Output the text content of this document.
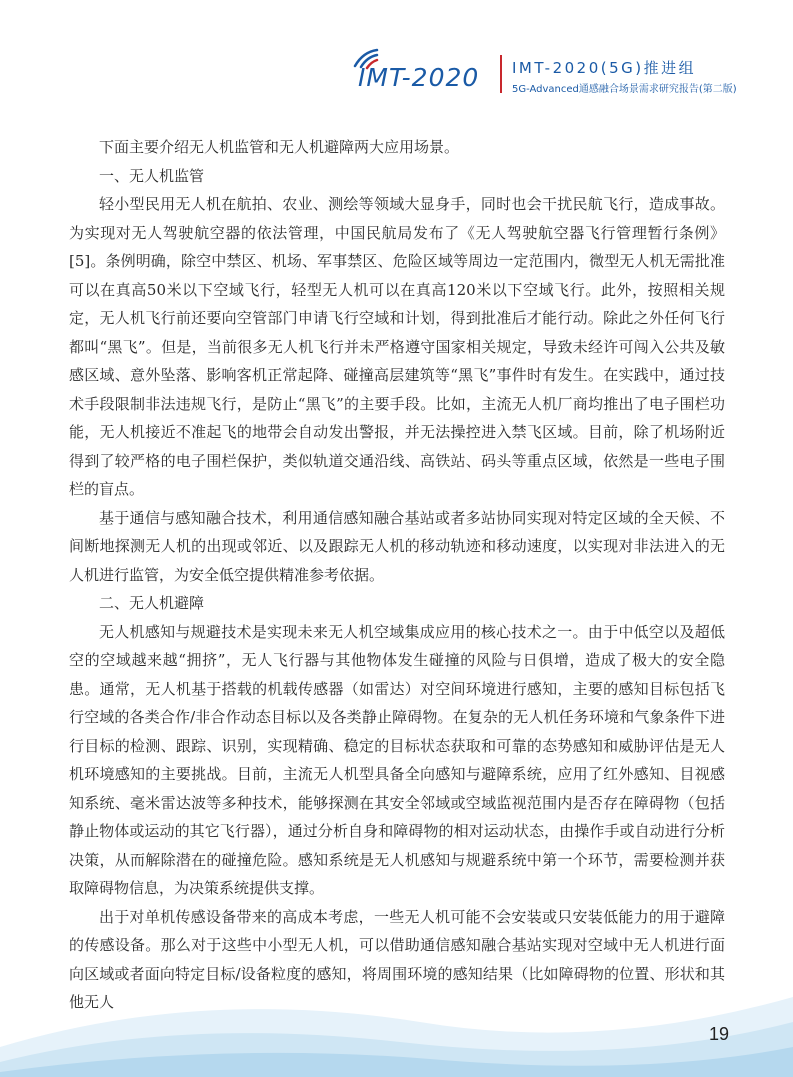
IMT-2020 IMT-2020(5G)推进组
5G-Advanced通感融合场景需求研究报告(第二版)

下面主要介绍无人机监管和无人机避障两大应用场景。

一、无人机监管

轻小型民用无人机在航拍、农业、测绘等领域大显身手，同时也会干扰民航飞行，造成事故。为实现对无人驾驶航空器的依法管理，中国民航局发布了《无人驾驶航空器飞行管理暂行条例》[5]。条例明确，除空中禁区、机场、军事禁区、危险区域等周边一定范围内，微型无人机无需批准可以在真高50米以下空域飞行，轻型无人机可以在真高120米以下空域飞行。此外，按照相关规定，无人机飞行前还要向空管部门申请飞行空域和计划，得到批准后才能行动。除此之外任何飞行都叫“黑飞”。但是，当前很多无人机飞行并未严格遵守国家相关规定，导致未经许可闯入公共及敏感区域、意外坠落、影响客机正常起降、碰撞高层建筑等“黑飞”事件时有发生。在实践中，通过技术手段限制非法违规飞行，是防止“黑飞”的主要手段。比如，主流无人机厂商均推出了电子围栏功能，无人机接近不准起飞的地带会自动发出警报，并无法操控进入禁飞区域。目前，除了机场附近得到了较严格的电子围栏保护，类似轨道交通沿线、高铁站、码头等重点区域，依然是一些电子围栏的盲点。

基于通信与感知融合技术，利用通信感知融合基站或者多站协同实现对特定区域的全天候、不间断地探测无人机的出现或邻近、以及跟踪无人机的移动轨迹和移动速度，以实现对非法进入的无人机进行监管，为安全低空提供精准参考依据。

二、无人机避障

无人机感知与规避技术是实现未来无人机空域集成应用的核心技术之一。由于中低空以及超低空的空域越来越“拥挤”，无人飞行器与其他物体发生碰撞的风险与日俱增，造成了极大的安全隐患。通常，无人机基于搭载的机载传感器（如雷达）对空间环境进行感知，主要的感知目标包括飞行空域的各类合作/非合作动态目标以及各类静止障碍物。在复杂的无人机任务环境和气象条件下进行目标的检测、跟踪、识别，实现精确、稳定的目标状态获取和可靠的态势感知和威胁评估是无人机环境感知的主要挑战。目前，主流无人机型具备全向感知与避障系统，应用了红外感知、目视感知系统、毫米雷达波等多种技术，能够探测在其安全邻域或空域监视范围内是否存在障碍物（包括静止物体或运动的其它飞行器），通过分析自身和障碍物的相对运动状态，由操作手或自动进行分析决策，从而解除潜在的碰撞危险。感知系统是无人机感知与规避系统中第一个环节，需要检测并获取障碍物信息，为决策系统提供支撑。

出于对单机传感设备带来的高成本考虑，一些无人机可能不会安装或只安装低能力的用于避障的传感设备。那么对于这些中小型无人机，可以借助通信感知融合基站实现对空域中无人机进行面向区域或者面向特定目标/设备粒度的感知，将周围环境的感知结果（比如障碍物的位置、形状和其他无人

19
